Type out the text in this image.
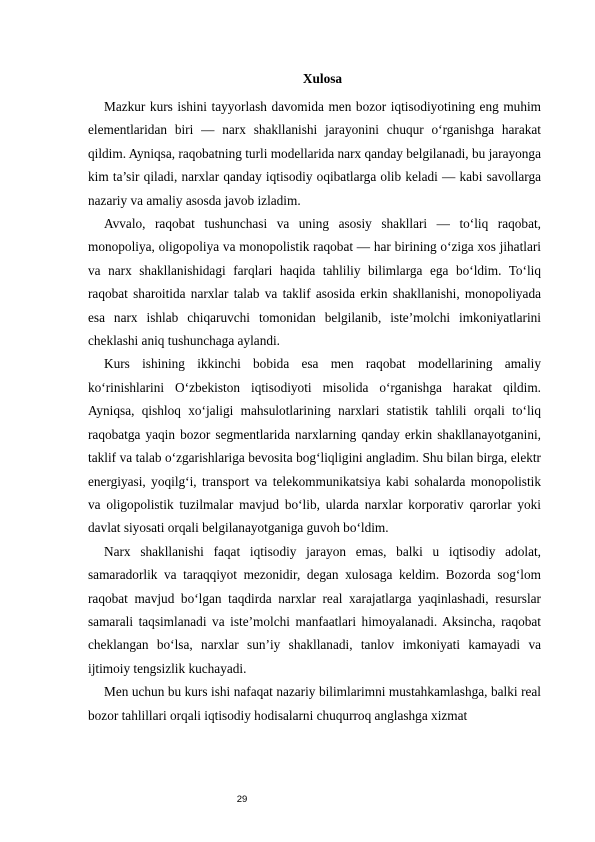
Xulosa

Mazkur kurs ishini tayyorlash davomida men bozor iqtisodiyotining eng muhim elementlaridan biri — narx shakllanishi jarayonini chuqur o‘rganishga harakat qildim. Ayniqsa, raqobatning turli modellarida narx qanday belgilanadi, bu jarayonga kim ta’sir qiladi, narxlar qanday iqtisodiy oqibatlarga olib keladi — kabi savollarga nazariy va amaliy asosda javob izladim.

Avvalo, raqobat tushunchasi va uning asosiy shakllari — to‘liq raqobat, monopoliya, oligopoliya va monopolistik raqobat — har birining o‘ziga xos jihatlari va narx shakllanishidagi farqlari haqida tahliliy bilimlarga ega bo‘ldim. To‘liq raqobat sharoitida narxlar talab va taklif asosida erkin shakllanishi, monopoliyada esa narx ishlab chiqaruvchi tomonidan belgilanib, iste’molchi imkoniyatlarini cheklashi aniq tushunchaga aylandi.

Kurs ishining ikkinchi bobida esa men raqobat modellarining amaliy ko‘rinishlarini O‘zbekiston iqtisodiyoti misolida o‘rganishga harakat qildim. Ayniqsa, qishloq xo‘jaligi mahsulotlarining narxlari statistik tahlili orqali to‘liq raqobatga yaqin bozor segmentlarida narxlarning qanday erkin shakllanayotganini, taklif va talab o‘zgarishlariga bevosita bog‘liqligini angladim. Shu bilan birga, elektr energiyasi, yoqilg‘i, transport va telekommunikatsiya kabi sohalarda monopolistik va oligopolistik tuzilmalar mavjud bo‘lib, ularda narxlar korporativ qarorlar yoki davlat siyosati orqali belgilanayotganiga guvoh bo‘ldim.

Narx shakllanishi faqat iqtisodiy jarayon emas, balki u iqtisodiy adolat, samaradorlik va taraqqiyot mezonidir, degan xulosaga keldim. Bozorda sog‘lom raqobat mavjud bo‘lgan taqdirda narxlar real xarajatlarga yaqinlashadi, resurslar samarali taqsimlanadi va iste’molchi manfaatlari himoyalanadi. Aksincha, raqobat cheklangan bo‘lsa, narxlar sun’iy shakllanadi, tanlov imkoniyati kamayadi va ijtimoiy tengsizlik kuchayadi.

Men uchun bu kurs ishi nafaqat nazariy bilimlarimni mustahkamlashga, balki real bozor tahlillari orqali iqtisodiy hodisalarni chuqurroq anglashga xizmat

29
